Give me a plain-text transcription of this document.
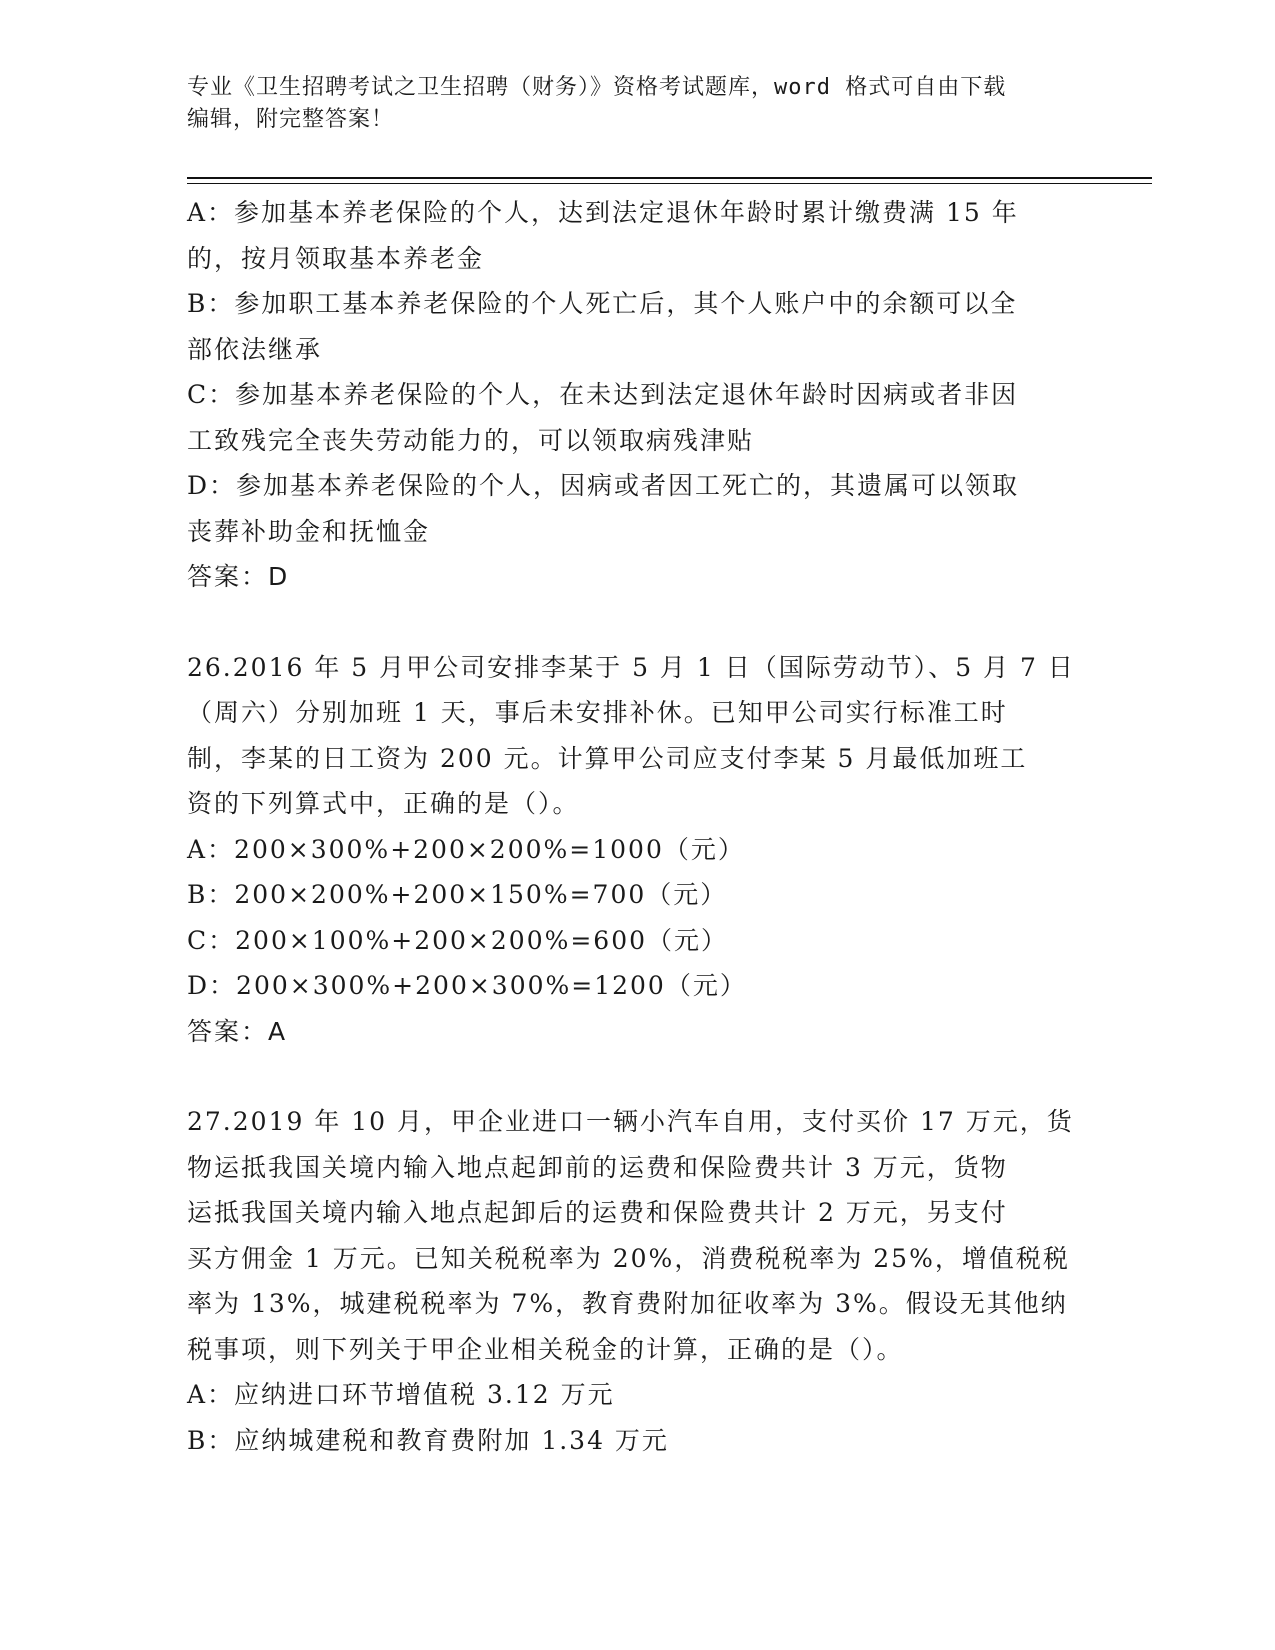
专业《卫生招聘考试之卫生招聘（财务）》资格考试题库，word 格式可自由下载
编辑，附完整答案！
A：参加基本养老保险的个人，达到法定退休年龄时累计缴费满 15 年
的，按月领取基本养老金
B：参加职工基本养老保险的个人死亡后，其个人账户中的余额可以全
部依法继承
C：参加基本养老保险的个人，在未达到法定退休年龄时因病或者非因
工致残完全丧失劳动能力的，可以领取病残津贴
D：参加基本养老保险的个人，因病或者因工死亡的，其遗属可以领取
丧葬补助金和抚恤金
答案：D
26.2016 年 5 月甲公司安排李某于 5 月 1 日（国际劳动节）、5 月 7 日
（周六）分别加班 1 天，事后未安排补休。已知甲公司实行标准工时
制，李某的日工资为 200 元。计算甲公司应支付李某 5 月最低加班工
资的下列算式中，正确的是（）。
A：200×300%+200×200%=1000（元）
B：200×200%+200×150%=700（元）
C：200×100%+200×200%=600（元）
D：200×300%+200×300%=1200（元）
答案：A
27.2019 年 10 月，甲企业进口一辆小汽车自用，支付买价 17 万元，货
物运抵我国关境内输入地点起卸前的运费和保险费共计 3 万元，货物
运抵我国关境内输入地点起卸后的运费和保险费共计 2 万元，另支付
买方佣金 1 万元。已知关税税率为 20%，消费税税率为 25%，增值税税
率为 13%，城建税税率为 7%，教育费附加征收率为 3%。假设无其他纳
税事项，则下列关于甲企业相关税金的计算，正确的是（）。
A：应纳进口环节增值税 3.12 万元
B：应纳城建税和教育费附加 1.34 万元
